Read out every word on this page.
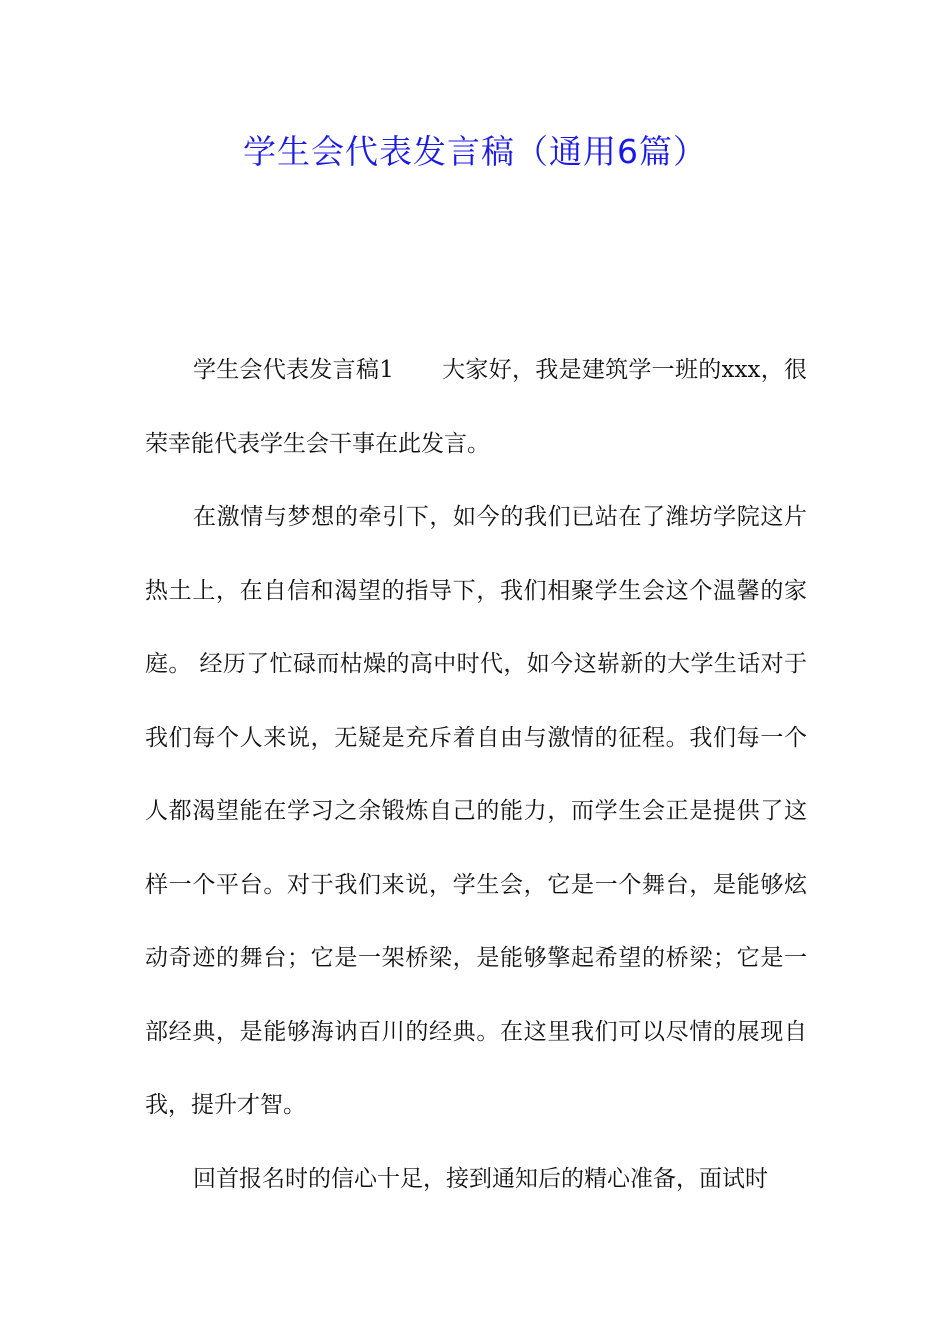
学生会代表发言稿（通用6篇）

学生会代表发言稿1 大家好，我是建筑学一班的xxx，很荣幸能代表学生会干事在此发言。

在激情与梦想的牵引下，如今的我们已站在了潍坊学院这片热土上，在自信和渴望的指导下，我们相聚学生会这个温馨的家庭。 经历了忙碌而枯燥的高中时代，如今这崭新的大学生话对于我们每个人来说，无疑是充斥着自由与激情的征程。我们每一个人都渴望能在学习之余锻炼自己的能力，而学生会正是提供了这样一个平台。对于我们来说，学生会，它是一个舞台，是能够炫动奇迹的舞台；它是一架桥梁，是能够擎起希望的桥梁；它是一部经典，是能够海讷百川的经典。在这里我们可以尽情的展现自我，提升才智。

回首报名时的信心十足，接到通知后的精心准备，面试时
